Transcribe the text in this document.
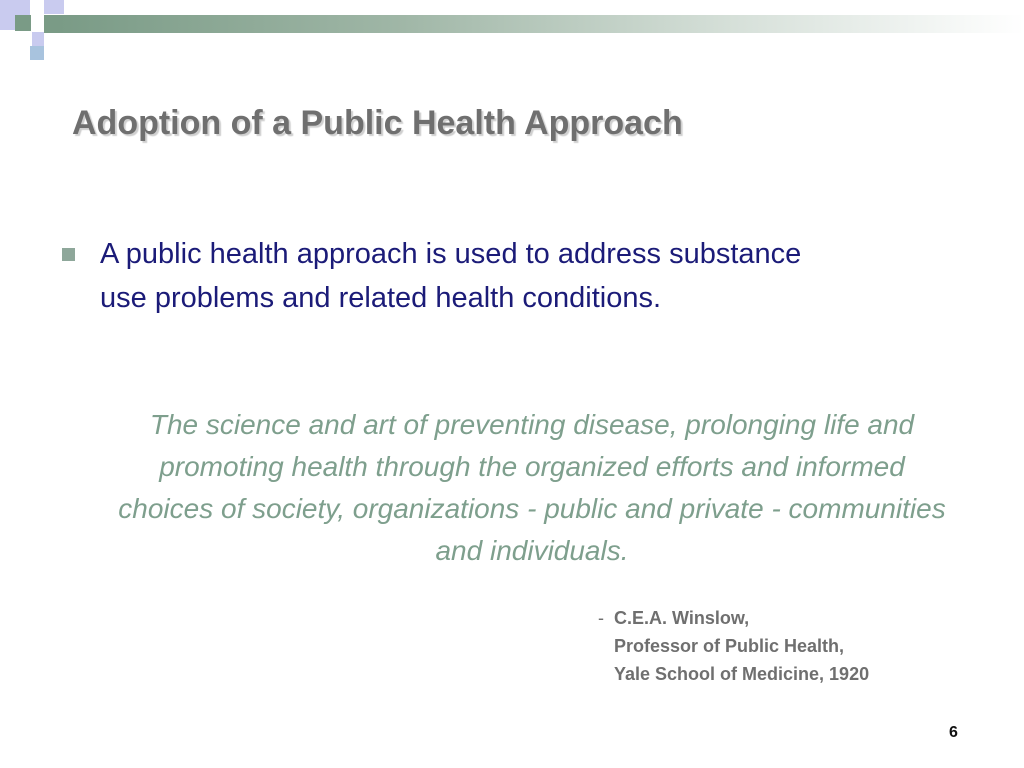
Adoption of a Public Health Approach

A public health approach is used to address substance use problems and related health conditions.

The science and art of preventing disease, prolonging life and promoting health through the organized efforts and informed choices of society, organizations - public and private - communities and individuals.

- C.E.A. Winslow,
Professor of Public Health,
Yale School of Medicine, 1920
6
